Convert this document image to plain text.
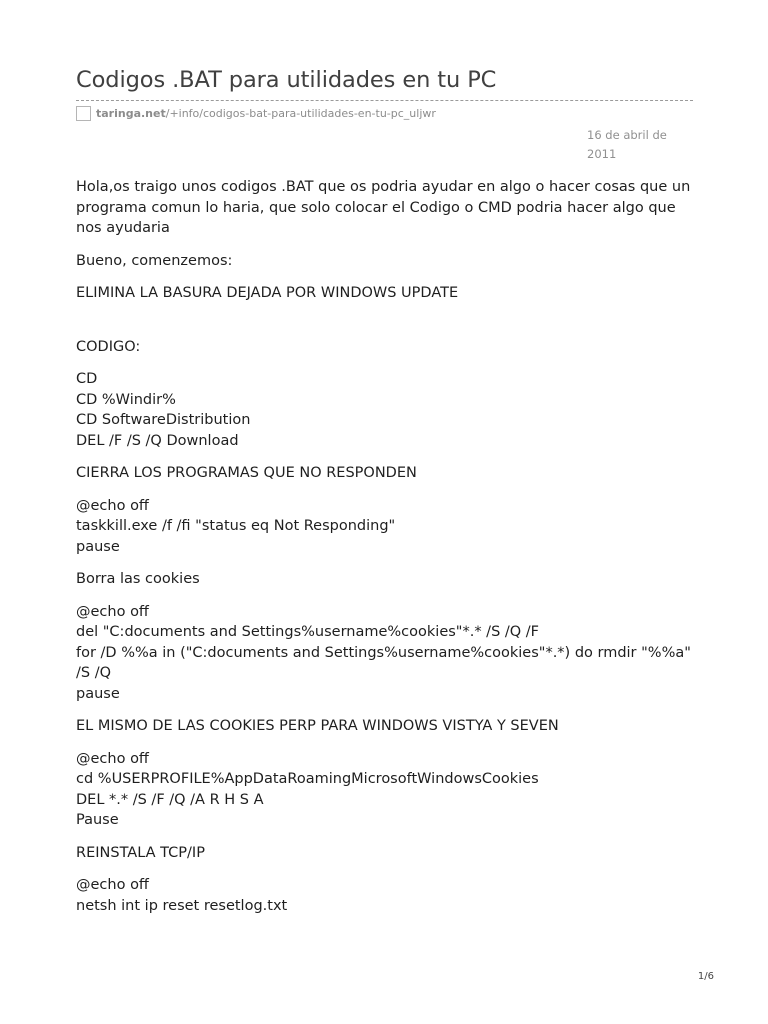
Codigos .BAT para utilidades en tu PC
taringa.net /+info/codigos-bat-para-utilidades-en-tu-pc_uljwr
16 de abril de
2011

Hola,os traigo unos codigos .BAT que os podria ayudar en algo o hacer cosas que un programa comun lo haria, que solo colocar el Codigo o CMD podria hacer algo que nos ayudaria

Bueno, comenzemos:

ELIMINA LA BASURA DEJADA POR WINDOWS UPDATE

CODIGO:

CD
CD %Windir%
CD SoftwareDistribution
DEL /F /S /Q Download

CIERRA LOS PROGRAMAS QUE NO RESPONDEN

@echo off
taskkill.exe /f /fi "status eq Not Responding"
pause

Borra las cookies

@echo off
del "C:documents and Settings%username%cookies"*.* /S /Q /F
for /D %%a in ("C:documents and Settings%username%cookies"*.*) do rmdir "%%a" /S /Q
pause

EL MISMO DE LAS COOKIES PERP PARA WINDOWS VISTYA Y SEVEN

@echo off
cd %USERPROFILE%AppDataRoamingMicrosoftWindowsCookies
DEL *.* /S /F /Q /A R H S A
Pause

REINSTALA TCP/IP

@echo off
netsh int ip reset resetlog.txt

1/6
